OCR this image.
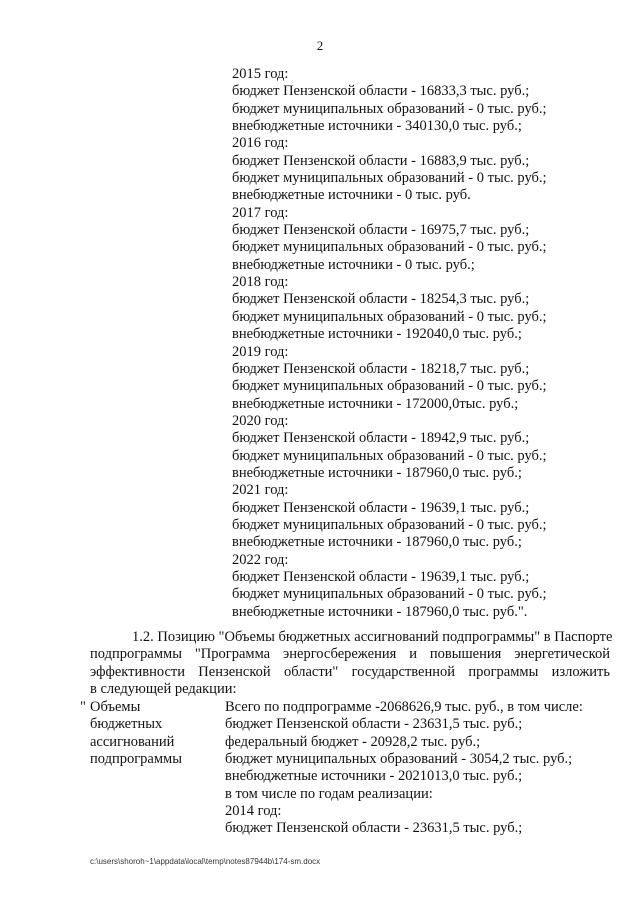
2
2015 год:
бюджет Пензенской области - 16833,3 тыс. руб.;
бюджет муниципальных образований - 0 тыс. руб.;
внебюджетные источники - 340130,0 тыс. руб.;
2016 год:
бюджет Пензенской области - 16883,9 тыс. руб.;
бюджет муниципальных образований - 0 тыс. руб.;
внебюджетные источники - 0 тыс. руб.
2017 год:
бюджет Пензенской области - 16975,7 тыс. руб.;
бюджет муниципальных образований - 0 тыс. руб.;
внебюджетные источники - 0 тыс. руб.;
2018 год:
бюджет Пензенской области - 18254,3 тыс. руб.;
бюджет муниципальных образований - 0 тыс. руб.;
внебюджетные источники - 192040,0 тыс. руб.;
2019 год:
бюджет Пензенской области - 18218,7 тыс. руб.;
бюджет муниципальных образований - 0 тыс. руб.;
внебюджетные источники - 172000,0тыс. руб.;
2020 год:
бюджет Пензенской области - 18942,9 тыс. руб.;
бюджет муниципальных образований - 0 тыс. руб.;
внебюджетные источники - 187960,0 тыс. руб.;
2021 год:
бюджет Пензенской области - 19639,1 тыс. руб.;
бюджет муниципальных образований - 0 тыс. руб.;
внебюджетные источники - 187960,0 тыс. руб.;
2022 год:
бюджет Пензенской области - 19639,1 тыс. руб.;
бюджет муниципальных образований - 0 тыс. руб.;
внебюджетные источники - 187960,0 тыс. руб.".
1.2. Позицию "Объемы бюджетных ассигнований подпрограммы" в Паспорте
подпрограммы "Программа энергосбережения и повышения энергетической
эффективности Пензенской области" государственной программы изложить
в следующей редакции:
" Объемы
бюджетных
ассигнований
подпрограммы
Всего по подпрограмме -2068626,9 тыс. руб., в том числе:
бюджет Пензенской области - 23631,5 тыс. руб.;
федеральный бюджет - 20928,2 тыс. руб.;
бюджет муниципальных образований - 3054,2 тыс. руб.;
внебюджетные источники - 2021013,0 тыс. руб.;
в том числе по годам реализации:
2014 год:
бюджет Пензенской области - 23631,5 тыс. руб.;
c:\users\shoroh~1\appdata\local\temp\notes87944b\174-sm.docx
